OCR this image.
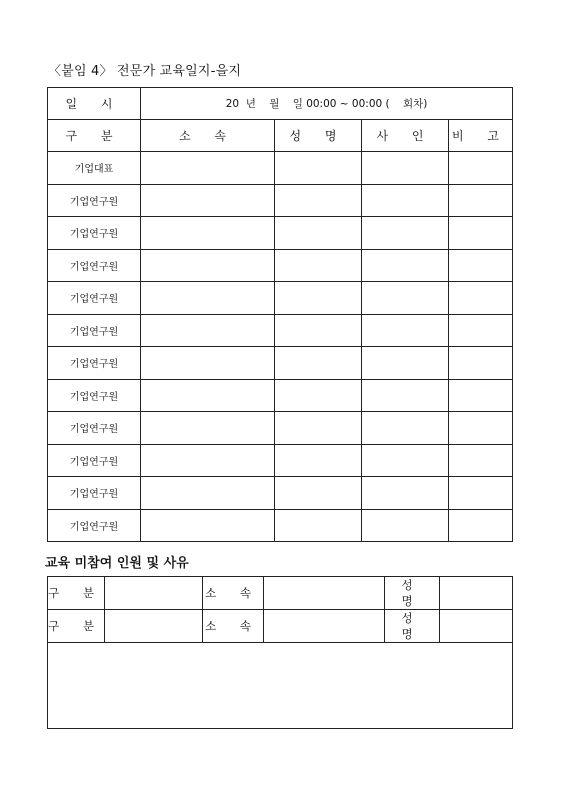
〈붙임 4〉 전문가 교육일지-을지
일 시	20  년    월    일 00:00 ~ 00:00 (    회차)			
구 분	소 속	성 명	사 인	비 고
기업대표				
기업연구원				
기업연구원				
기업연구원				
기업연구원				
기업연구원				
기업연구원				
기업연구원				
기업연구원				
기업연구원				
기업연구원				
기업연구원				
교육 미참여 인원 및 사유
구 분		소 속		성 명	
구 분		소 속		성 명	
